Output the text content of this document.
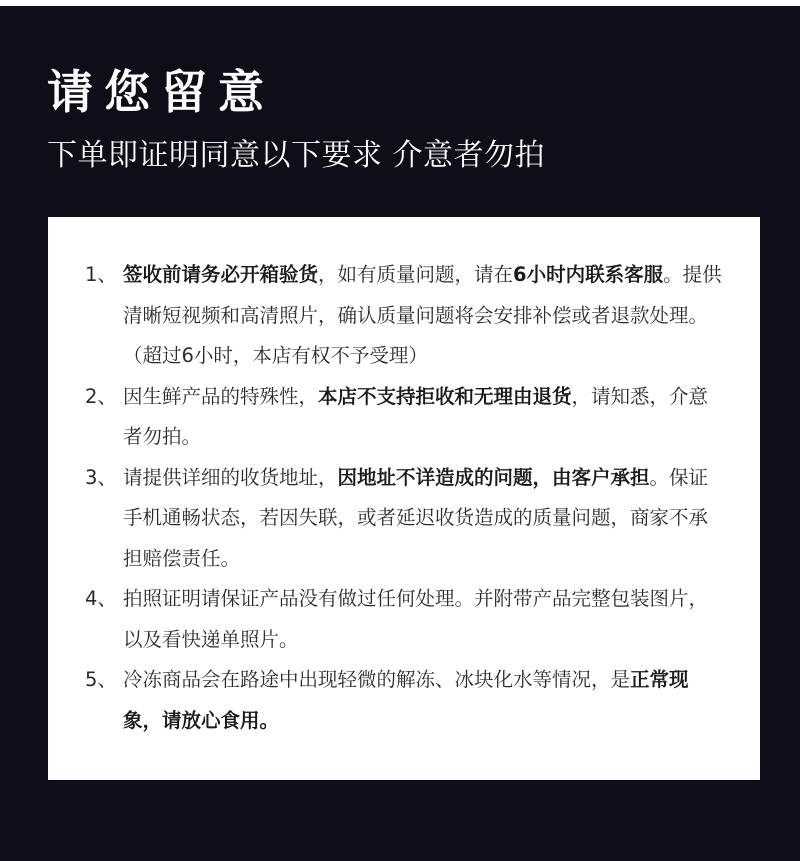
请您留意
下单即证明同意以下要求 介意者勿拍
1、 签收前请务必开箱验货，如有质量问题，请在6小时内联系客服。提供清晰短视频和高清照片，确认质量问题将会安排补偿或者退款处理。（超过6小时，本店有权不予受理）
2、 因生鲜产品的特殊性，本店不支持拒收和无理由退货，请知悉，介意者勿拍。
3、 请提供详细的收货地址，因地址不详造成的问题，由客户承担。保证手机通畅状态，若因失联，或者延迟收货造成的质量问题，商家不承担赔偿责任。
4、 拍照证明请保证产品没有做过任何处理。并附带产品完整包装图片，以及看快递单照片。
5、 冷冻商品会在路途中出现轻微的解冻、冰块化水等情况，是正常现象，请放心食用。
